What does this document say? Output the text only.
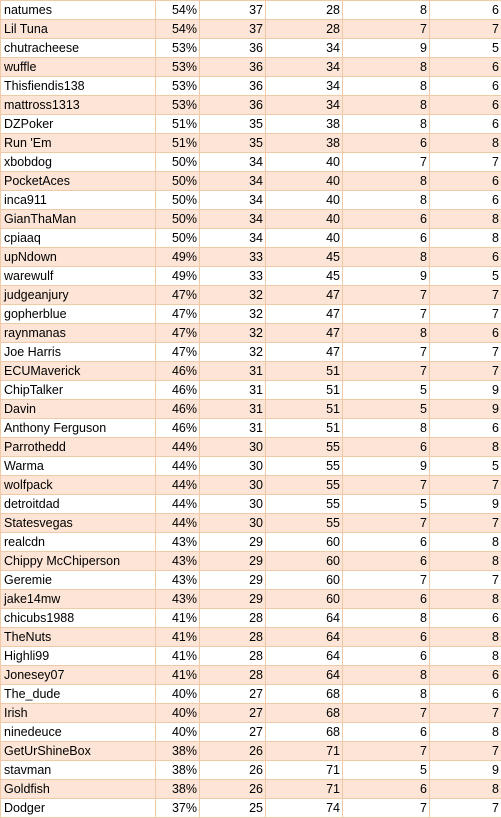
natumes	54%	37	28	8	6
Lil Tuna	54%	37	28	7	7
chutracheese	53%	36	34	9	5
wuffle	53%	36	34	8	6
Thisfiendis138	53%	36	34	8	6
mattross1313	53%	36	34	8	6
DZPoker	51%	35	38	8	6
Run 'Em	51%	35	38	6	8
xbobdog	50%	34	40	7	7
PocketAces	50%	34	40	8	6
inca911	50%	34	40	8	6
GianThaMan	50%	34	40	6	8
cpiaaq	50%	34	40	6	8
upNdown	49%	33	45	8	6
warewulf	49%	33	45	9	5
judgeanjury	47%	32	47	7	7
gopherblue	47%	32	47	7	7
raynmanas	47%	32	47	8	6
Joe Harris	47%	32	47	7	7
ECUMaverick	46%	31	51	7	7
ChipTalker	46%	31	51	5	9
Davin	46%	31	51	5	9
Anthony Ferguson	46%	31	51	8	6
Parrothedd	44%	30	55	6	8
Warma	44%	30	55	9	5
wolfpack	44%	30	55	7	7
detroitdad	44%	30	55	5	9
Statesvegas	44%	30	55	7	7
realcdn	43%	29	60	6	8
Chippy McChiperson	43%	29	60	6	8
Geremie	43%	29	60	7	7
jake14mw	43%	29	60	6	8
chicubs1988	41%	28	64	8	6
TheNuts	41%	28	64	6	8
Highli99	41%	28	64	6	8
Jonesey07	41%	28	64	8	6
The_dude	40%	27	68	8	6
Irish	40%	27	68	7	7
ninedeuce	40%	27	68	6	8
GetUrShineBox	38%	26	71	7	7
stavman	38%	26	71	5	9
Goldfish	38%	26	71	6	8
Dodger	37%	25	74	7	7
